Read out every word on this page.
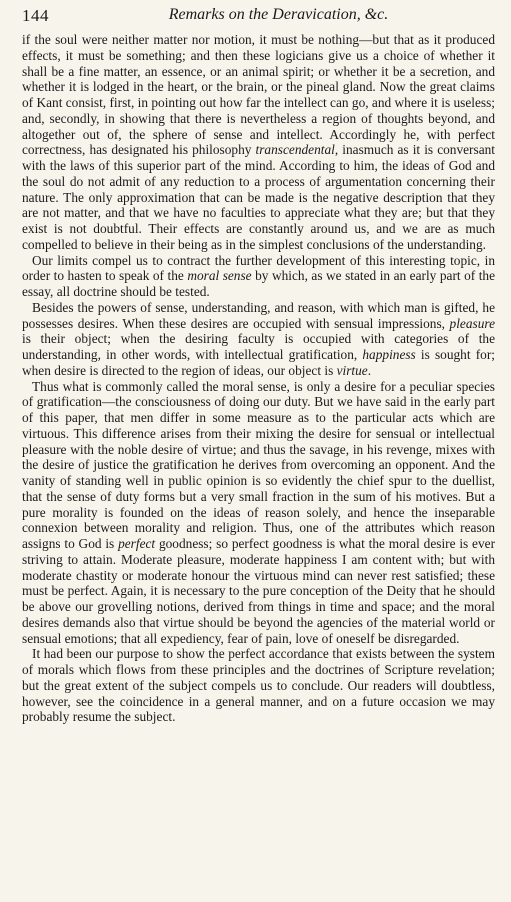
144	Remarks on the Deravication, &c.

if the soul were neither matter nor motion, it must be nothing—but that as it produced effects, it must be something; and then these logicians give us a choice of whether it shall be a fine matter, an essence, or an animal spirit; or whether it be a secretion, and whether it is lodged in the heart, or the brain, or the pineal gland. Now the great claims of Kant consist, first, in pointing out how far the intellect can go, and where it is useless; and, secondly, in showing that there is nevertheless a region of thoughts beyond, and altogether out of, the sphere of sense and intellect. Accordingly he, with perfect correctness, has designated his philosophy transcendental, inasmuch as it is conversant with the laws of this superior part of the mind. According to him, the ideas of God and the soul do not admit of any reduction to a process of argumentation concerning their nature. The only approximation that can be made is the negative description that they are not matter, and that we have no faculties to appreciate what they are; but that they exist is not doubtful. Their effects are constantly around us, and we are as much compelled to believe in their being as in the simplest conclusions of the understanding.

Our limits compel us to contract the further development of this interesting topic, in order to hasten to speak of the moral sense by which, as we stated in an early part of the essay, all doctrine should be tested.

Besides the powers of sense, understanding, and reason, with which man is gifted, he possesses desires. When these desires are occupied with sensual impressions, pleasure is their object; when the desiring faculty is occupied with categories of the understanding, in other words, with intellectual gratification, happiness is sought for; when desire is directed to the region of ideas, our object is virtue.

Thus what is commonly called the moral sense, is only a desire for a peculiar species of gratification—the consciousness of doing our duty. But we have said in the early part of this paper, that men differ in some measure as to the particular acts which are virtuous. This difference arises from their mixing the desire for sensual or intellectual pleasure with the noble desire of virtue; and thus the savage, in his revenge, mixes with the desire of justice the gratification he derives from overcoming an opponent. And the vanity of standing well in public opinion is so evidently the chief spur to the duellist, that the sense of duty forms but a very small fraction in the sum of his motives. But a pure morality is founded on the ideas of reason solely, and hence the inseparable connexion between morality and religion. Thus, one of the attributes which reason assigns to God is perfect goodness; so perfect goodness is what the moral desire is ever striving to attain. Moderate pleasure, moderate happiness I am content with; but with moderate chastity or moderate honour the virtuous mind can never rest satisfied; these must be perfect. Again, it is necessary to the pure conception of the Deity that he should be above our grovelling notions, derived from things in time and space; and the moral desires demands also that virtue should be beyond the agencies of the material world or sensual emotions; that all expediency, fear of pain, love of oneself be disregarded.

It had been our purpose to show the perfect accordance that exists between the system of morals which flows from these principles and the doctrines of Scripture revelation; but the great extent of the subject compels us to conclude. Our readers will doubtless, however, see the coincidence in a general manner, and on a future occasion we may probably resume the subject.
